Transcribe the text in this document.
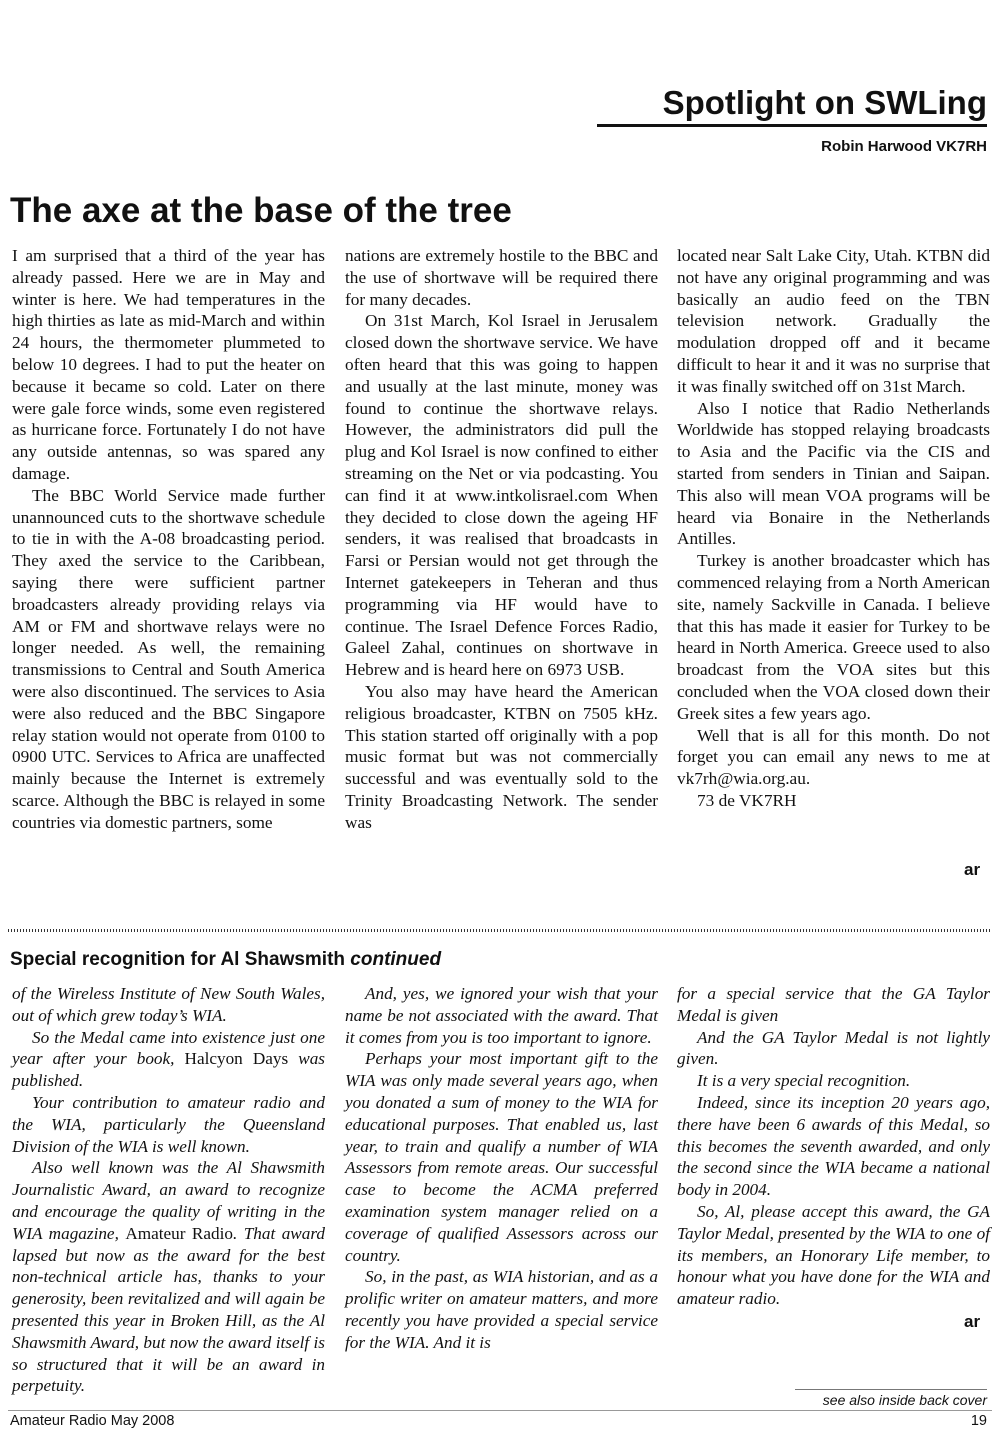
Spotlight on SWLing
Robin Harwood VK7RH
The axe at the base of the tree

I am surprised that a third of the year has already passed. Here we are in May and winter is here. We had temperatures in the high thirties as late as mid-March and within 24 hours, the thermometer plummeted to below 10 degrees. I had to put the heater on because it became so cold. Later on there were gale force winds, some even registered as hurricane force. Fortunately I do not have any outside antennas, so was spared any damage.

The BBC World Service made further unannounced cuts to the shortwave schedule to tie in with the A-08 broadcasting period. They axed the service to the Caribbean, saying there were sufficient partner broadcasters already providing relays via AM or FM and shortwave relays were no longer needed. As well, the remaining transmissions to Central and South America were also discontinued. The services to Asia were also reduced and the BBC Singapore relay station would not operate from 0100 to 0900 UTC. Services to Africa are unaffected mainly because the Internet is extremely scarce. Although the BBC is relayed in some countries via domestic partners, some

nations are extremely hostile to the BBC and the use of shortwave will be required there for many decades.

On 31st March, Kol Israel in Jerusalem closed down the shortwave service. We have often heard that this was going to happen and usually at the last minute, money was found to continue the shortwave relays. However, the administrators did pull the plug and Kol Israel is now confined to either streaming on the Net or via podcasting. You can find it at www.intkolisrael.com When they decided to close down the ageing HF senders, it was realised that broadcasts in Farsi or Persian would not get through the Internet gatekeepers in Teheran and thus programming via HF would have to continue. The Israel Defence Forces Radio, Galeel Zahal, continues on shortwave in Hebrew and is heard here on 6973 USB.

You also may have heard the American religious broadcaster, KTBN on 7505 kHz. This station started off originally with a pop music format but was not commercially successful and was eventually sold to the Trinity Broadcasting Network. The sender was

located near Salt Lake City, Utah. KTBN did not have any original programming and was basically an audio feed on the TBN television network. Gradually the modulation dropped off and it became difficult to hear it and it was no surprise that it was finally switched off on 31st March.

Also I notice that Radio Netherlands Worldwide has stopped relaying broadcasts to Asia and the Pacific via the CIS and started from senders in Tinian and Saipan. This also will mean VOA programs will be heard via Bonaire in the Netherlands Antilles.

Turkey is another broadcaster which has commenced relaying from a North American site, namely Sackville in Canada. I believe that this has made it easier for Turkey to be heard in North America. Greece used to also broadcast from the VOA sites but this concluded when the VOA closed down their Greek sites a few years ago.

Well that is all for this month. Do not forget you can email any news to me at vk7rh@wia.org.au.

73 de VK7RH

ar
Special recognition for Al Shawsmith continued

of the Wireless Institute of New South Wales, out of which grew today’s WIA.

So the Medal came into existence just one year after your book, Halcyon Days was published.

Your contribution to amateur radio and the WIA, particularly the Queensland Division of the WIA is well known.

Also well known was the Al Shawsmith Journalistic Award, an award to recognize and encourage the quality of writing in the WIA magazine, Amateur Radio. That award lapsed but now as the award for the best non-technical article has, thanks to your generosity, been revitalized and will again be presented this year in Broken Hill, as the Al Shawsmith Award, but now the award itself is so structured that it will be an award in perpetuity.

And, yes, we ignored your wish that your name be not associated with the award. That it comes from you is too important to ignore.

Perhaps your most important gift to the WIA was only made several years ago, when you donated a sum of money to the WIA for educational purposes. That enabled us, last year, to train and qualify a number of WIA Assessors from remote areas. Our successful case to become the ACMA preferred examination system manager relied on a coverage of qualified Assessors across our country.

So, in the past, as WIA historian, and as a prolific writer on amateur matters, and more recently you have provided a special service for the WIA. And it is

for a special service that the GA Taylor Medal is given

And the GA Taylor Medal is not lightly given.

It is a very special recognition.

Indeed, since its inception 20 years ago, there have been 6 awards of this Medal, so this becomes the seventh awarded, and only the second since the WIA became a national body in 2004.

So, Al, please accept this award, the GA Taylor Medal, presented by the WIA to one of its members, an Honorary Life member, to honour what you have done for the WIA and amateur radio.

ar
see also inside back cover
Amateur Radio May 2008	19
